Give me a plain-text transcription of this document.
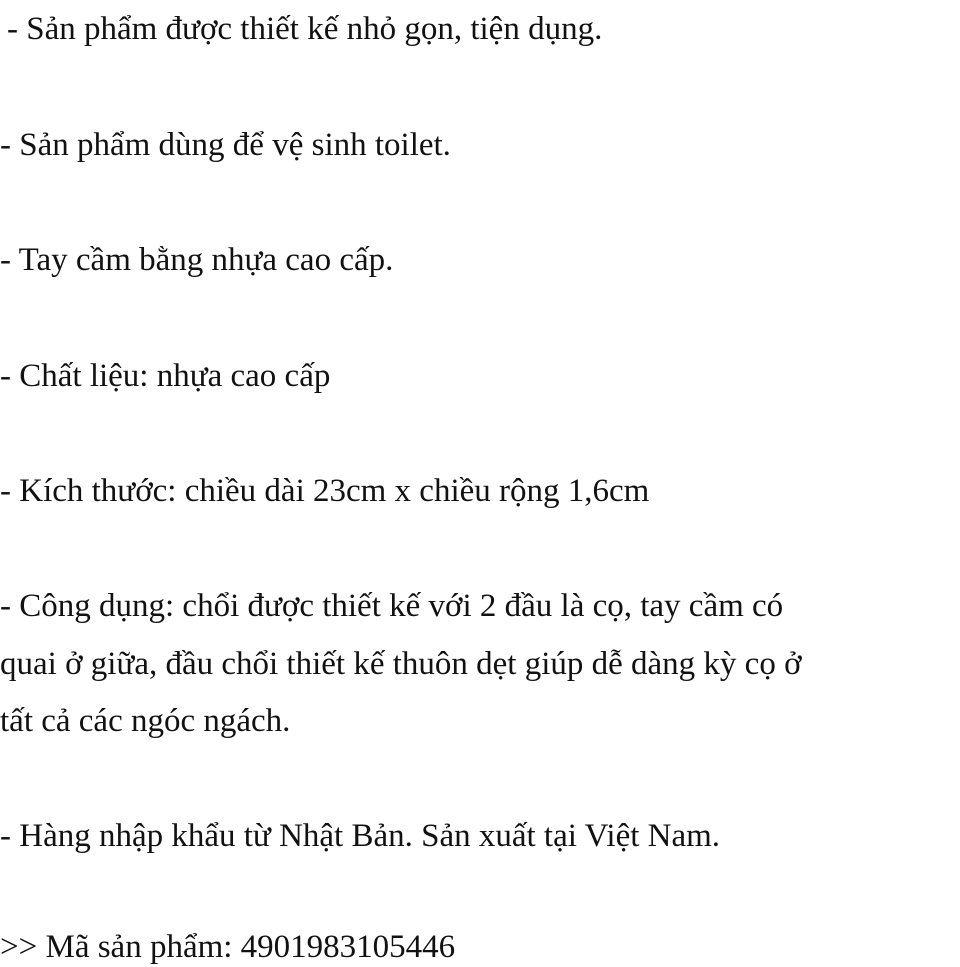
- Sản phẩm được thiết kế nhỏ gọn, tiện dụng.

- Sản phẩm dùng để vệ sinh toilet.

- Tay cầm bằng nhựa cao cấp.

- Chất liệu: nhựa cao cấp

- Kích thước: chiều dài 23cm x chiều rộng 1,6cm

- Công dụng: chổi được thiết kế với 2 đầu là cọ, tay cầm có

quai ở giữa, đầu chổi thiết kế thuôn dẹt giúp dễ dàng kỳ cọ ở

tất cả các ngóc ngách.

- Hàng nhập khẩu từ Nhật Bản. Sản xuất tại Việt Nam.

>> Mã sản phẩm: 4901983105446
